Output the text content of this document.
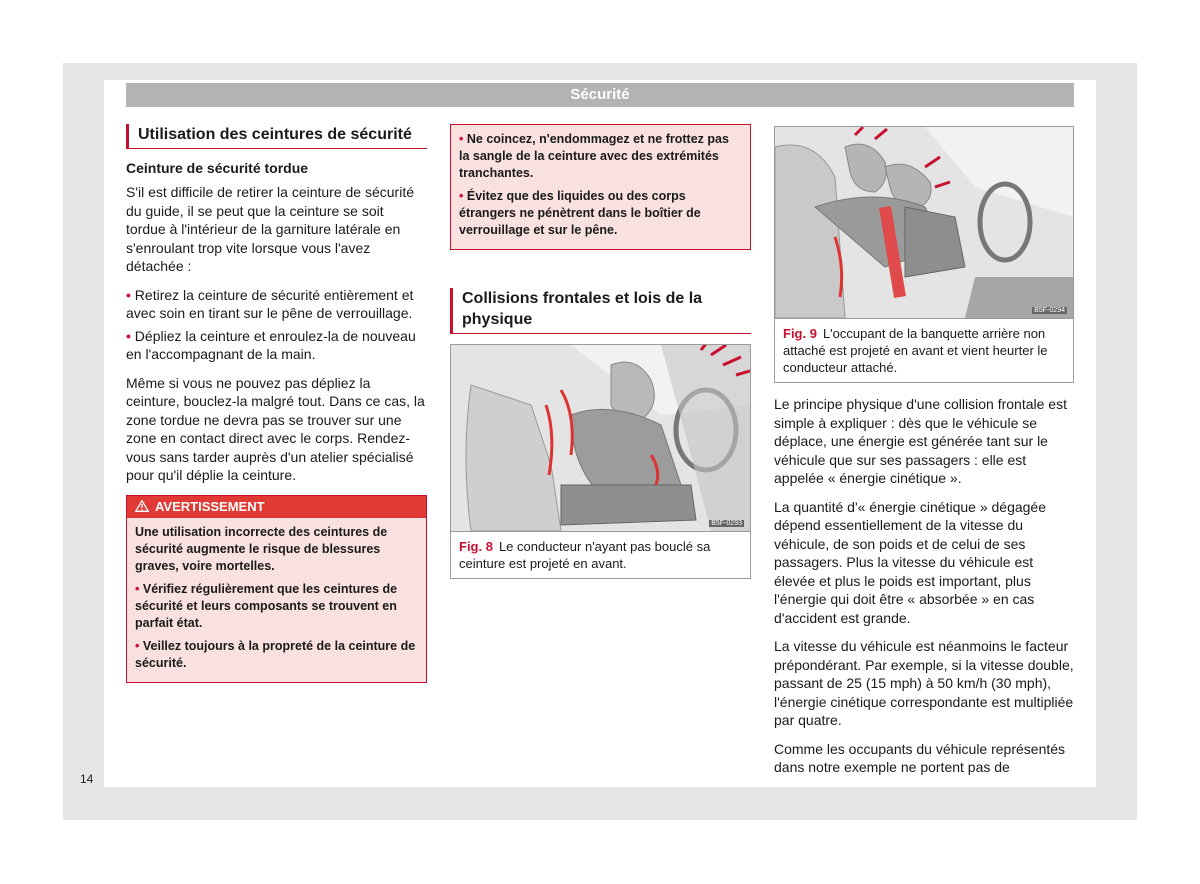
Sécurité
Utilisation des ceintures de sécurité
Ceinture de sécurité tordue

S'il est difficile de retirer la ceinture de sécurité du guide, il se peut que la ceinture se soit tordue à l'intérieur de la garniture latérale en s'enroulant trop vite lorsque vous l'avez détachée :

• Retirez la ceinture de sécurité entièrement et avec soin en tirant sur le pêne de verrouillage.

• Dépliez la ceinture et enroulez-la de nouveau en l'accompagnant de la main.

Même si vous ne pouvez pas dépliez la ceinture, bouclez-la malgré tout. Dans ce cas, la zone tordue ne devra pas se trouver sur une zone en contact direct avec le corps. Rendez-vous sans tarder auprès d'un atelier spécialisé pour qu'il déplie la ceinture.

AVERTISSEMENT

Une utilisation incorrecte des ceintures de sécurité augmente le risque de blessures graves, voire mortelles.

• Vérifiez régulièrement que les ceintures de sécurité et leurs composants se trouvent en parfait état.

• Veillez toujours à la propreté de la ceinture de sécurité.

• Ne coincez, n'endommagez et ne frottez pas la sangle de la ceinture avec des extrémités tranchantes.

• Évitez que des liquides ou des corps étrangers ne pénètrent dans le boîtier de verrouillage et sur le pêne.

Collisions frontales et lois de la physique
B5F-0293
Fig. 8 Le conducteur n'ayant pas bouclé sa ceinture est projeté en avant.
B5F-0294
Fig. 9 L'occupant de la banquette arrière non attaché est projeté en avant et vient heurter le conducteur attaché.

Le principe physique d'une collision frontale est simple à expliquer : dès que le véhicule se déplace, une énergie est générée tant sur le véhicule que sur ses passagers : elle est appelée « énergie cinétique ».

La quantité d'« énergie cinétique » dégagée dépend essentiellement de la vitesse du véhicule, de son poids et de celui de ses passagers. Plus la vitesse du véhicule est élevée et plus le poids est important, plus l'énergie qui doit être « absorbée » en cas d'accident est grande.

La vitesse du véhicule est néanmoins le facteur prépondérant. Par exemple, si la vitesse double, passant de 25 (15 mph) à 50 km/h (30 mph), l'énergie cinétique correspondante est multipliée par quatre.

Comme les occupants du véhicule représentés dans notre exemple ne portent pas de

14
